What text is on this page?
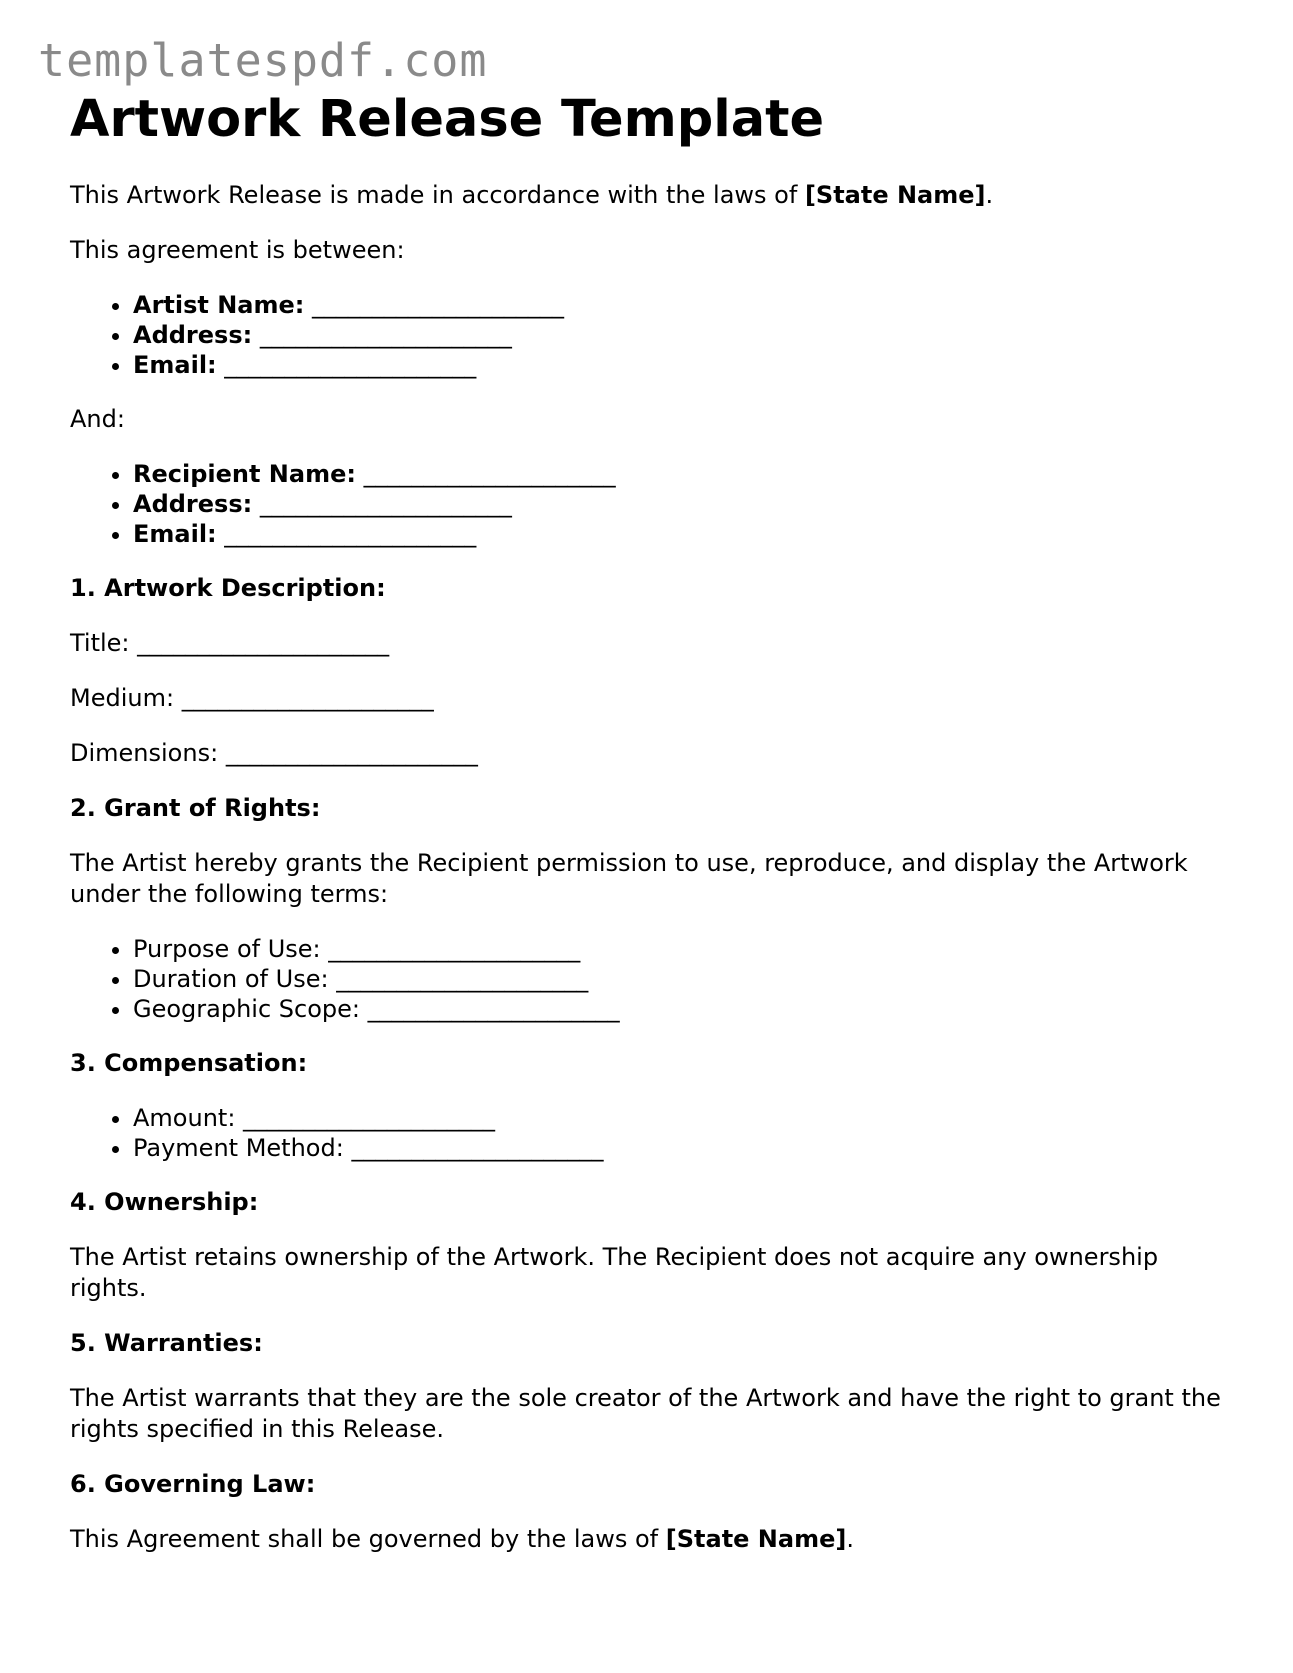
templatespdf.com
Artwork Release Template

This Artwork Release is made in accordance with the laws of [State Name].

This agreement is between:

• Artist Name: _____________________
• Address: _____________________
• Email: _____________________

And:

• Recipient Name: _____________________
• Address: _____________________
• Email: _____________________
1. Artwork Description:

Title: _____________________

Medium: _____________________

Dimensions: _____________________

2. Grant of Rights:

The Artist hereby grants the Recipient permission to use, reproduce, and display the Artwork under the following terms:

• Purpose of Use: _____________________
• Duration of Use: _____________________
• Geographic Scope: _____________________
3. Compensation:
• Amount: _____________________
• Payment Method: _____________________
4. Ownership:

The Artist retains ownership of the Artwork. The Recipient does not acquire any ownership rights.

5. Warranties:

The Artist warrants that they are the sole creator of the Artwork and have the right to grant the rights specified in this Release.

6. Governing Law:

This Agreement shall be governed by the laws of [State Name].
